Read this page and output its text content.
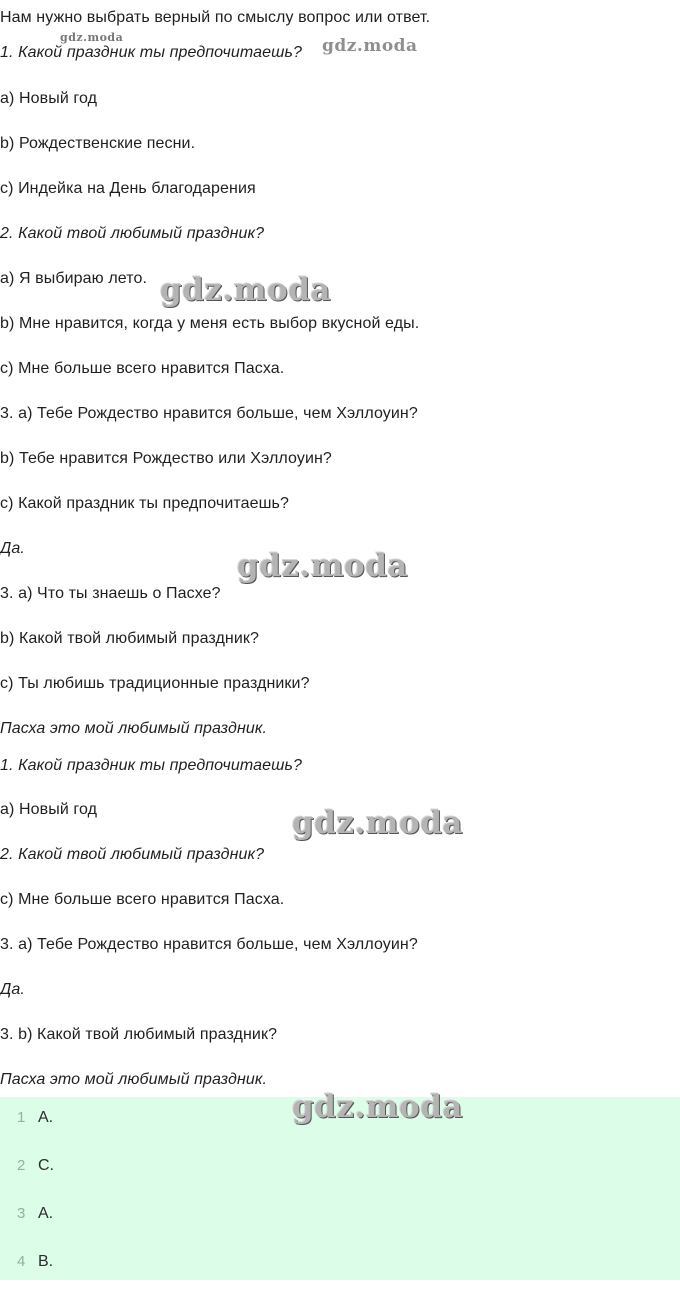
Нам нужно выбрать верный по смыслу вопрос или ответ.
1. Какой праздник ты предпочитаешь?
a) Новый год
b) Рождественские песни.
c) Индейка на День благодарения
2. Какой твой любимый праздник?
a) Я выбираю лето.
b) Мне нравится, когда у меня есть выбор вкусной еды.
c) Мне больше всего нравится Пасха.
3. a) Тебе Рождество нравится больше, чем Хэллоуин?
b) Тебе нравится Рождество или Хэллоуин?
c) Какой праздник ты предпочитаешь?
Да.
3. a) Что ты знаешь о Пасхе?
b) Какой твой любимый праздник?
c) Ты любишь традиционные праздники?
Пасха это мой любимый праздник.
1. Какой праздник ты предпочитаешь?
a) Новый год
2. Какой твой любимый праздник?
c) Мне больше всего нравится Пасха.
3. a) Тебе Рождество нравится больше, чем Хэллоуин?
Да.
3. b) Какой твой любимый праздник?
Пасха это мой любимый праздник.
1 A.
2 C.
3 A.
4 B.
gdz.moda	gdz.moda
gdz.moda
gdz.moda
gdz.moda
gdz.moda
